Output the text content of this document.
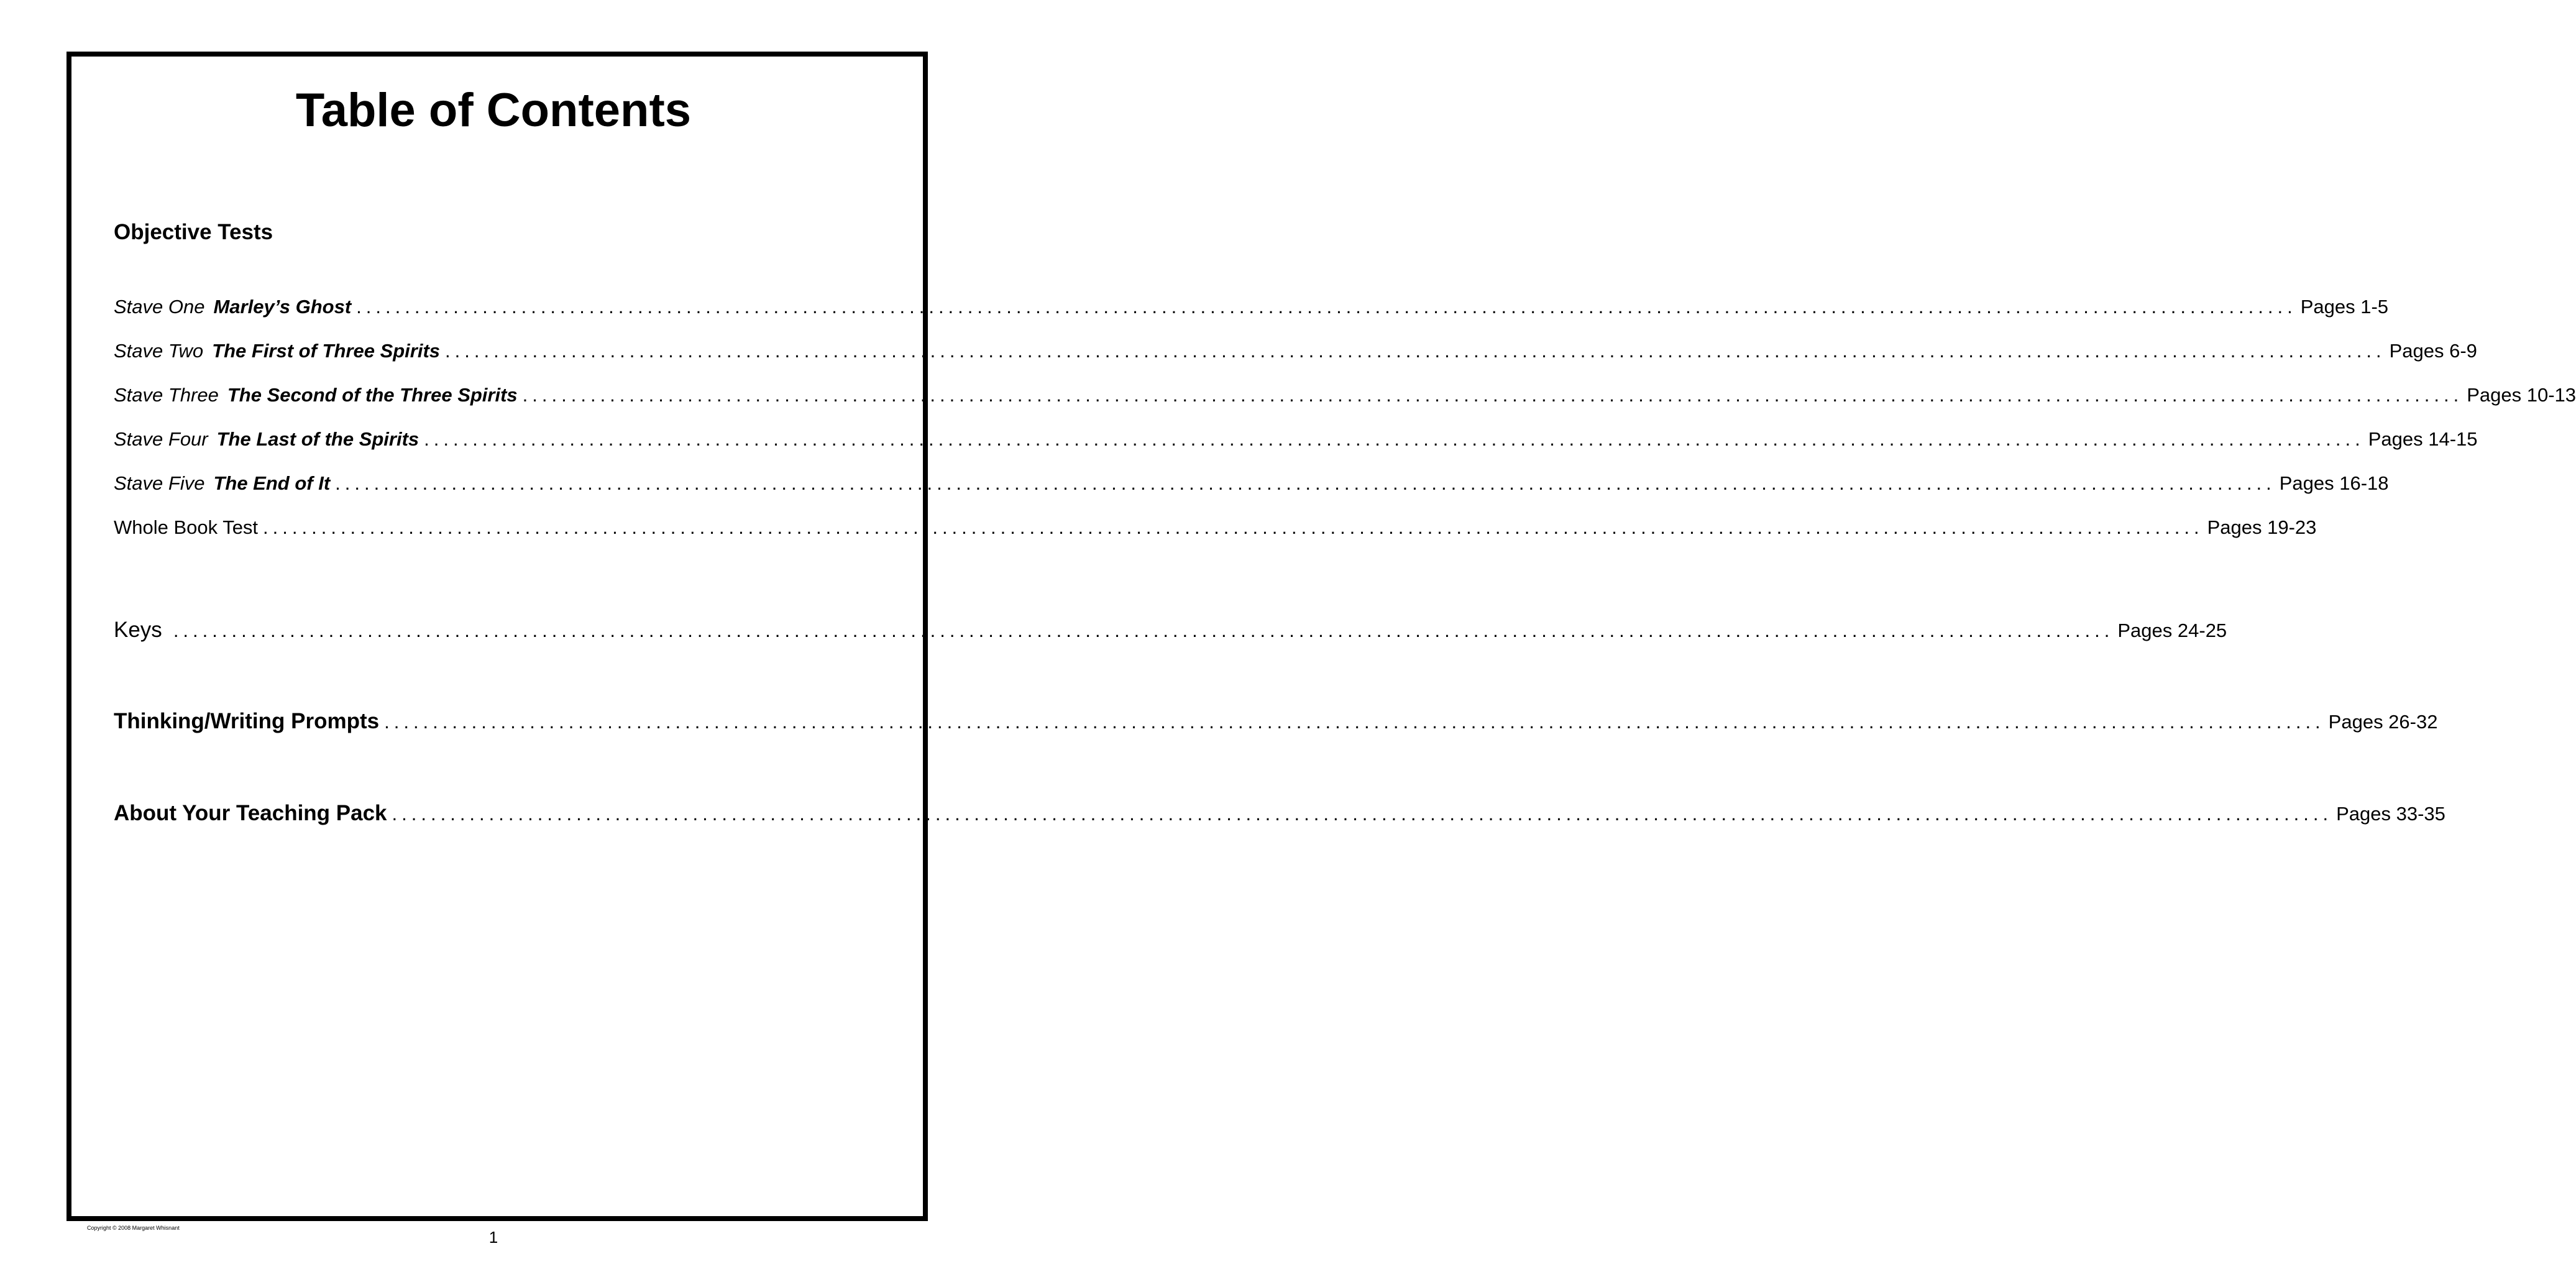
Table of Contents
Objective Tests
Stave One Marley’s Ghost ........................................................................................................................................................................................................ Pages 1-5
Stave Two The First of Three Spirits ........................................................................................................................................................................................................ Pages 6-9
Stave Three The Second of the Three Spirits ........................................................................................................................................................................................................ Pages 10-13
Stave Four The Last of the Spirits ........................................................................................................................................................................................................ Pages 14-15
Stave Five The End of It ........................................................................................................................................................................................................ Pages 16-18
Whole Book Test ........................................................................................................................................................................................................ Pages 19-23
Keys ........................................................................................................................................................................................................ Pages 24-25
Thinking/Writing Prompts ........................................................................................................................................................................................................ Pages 26-32
About Your Teaching Pack ........................................................................................................................................................................................................ Pages 33-35
Copyright © 2008 Margaret Whisnant	1
